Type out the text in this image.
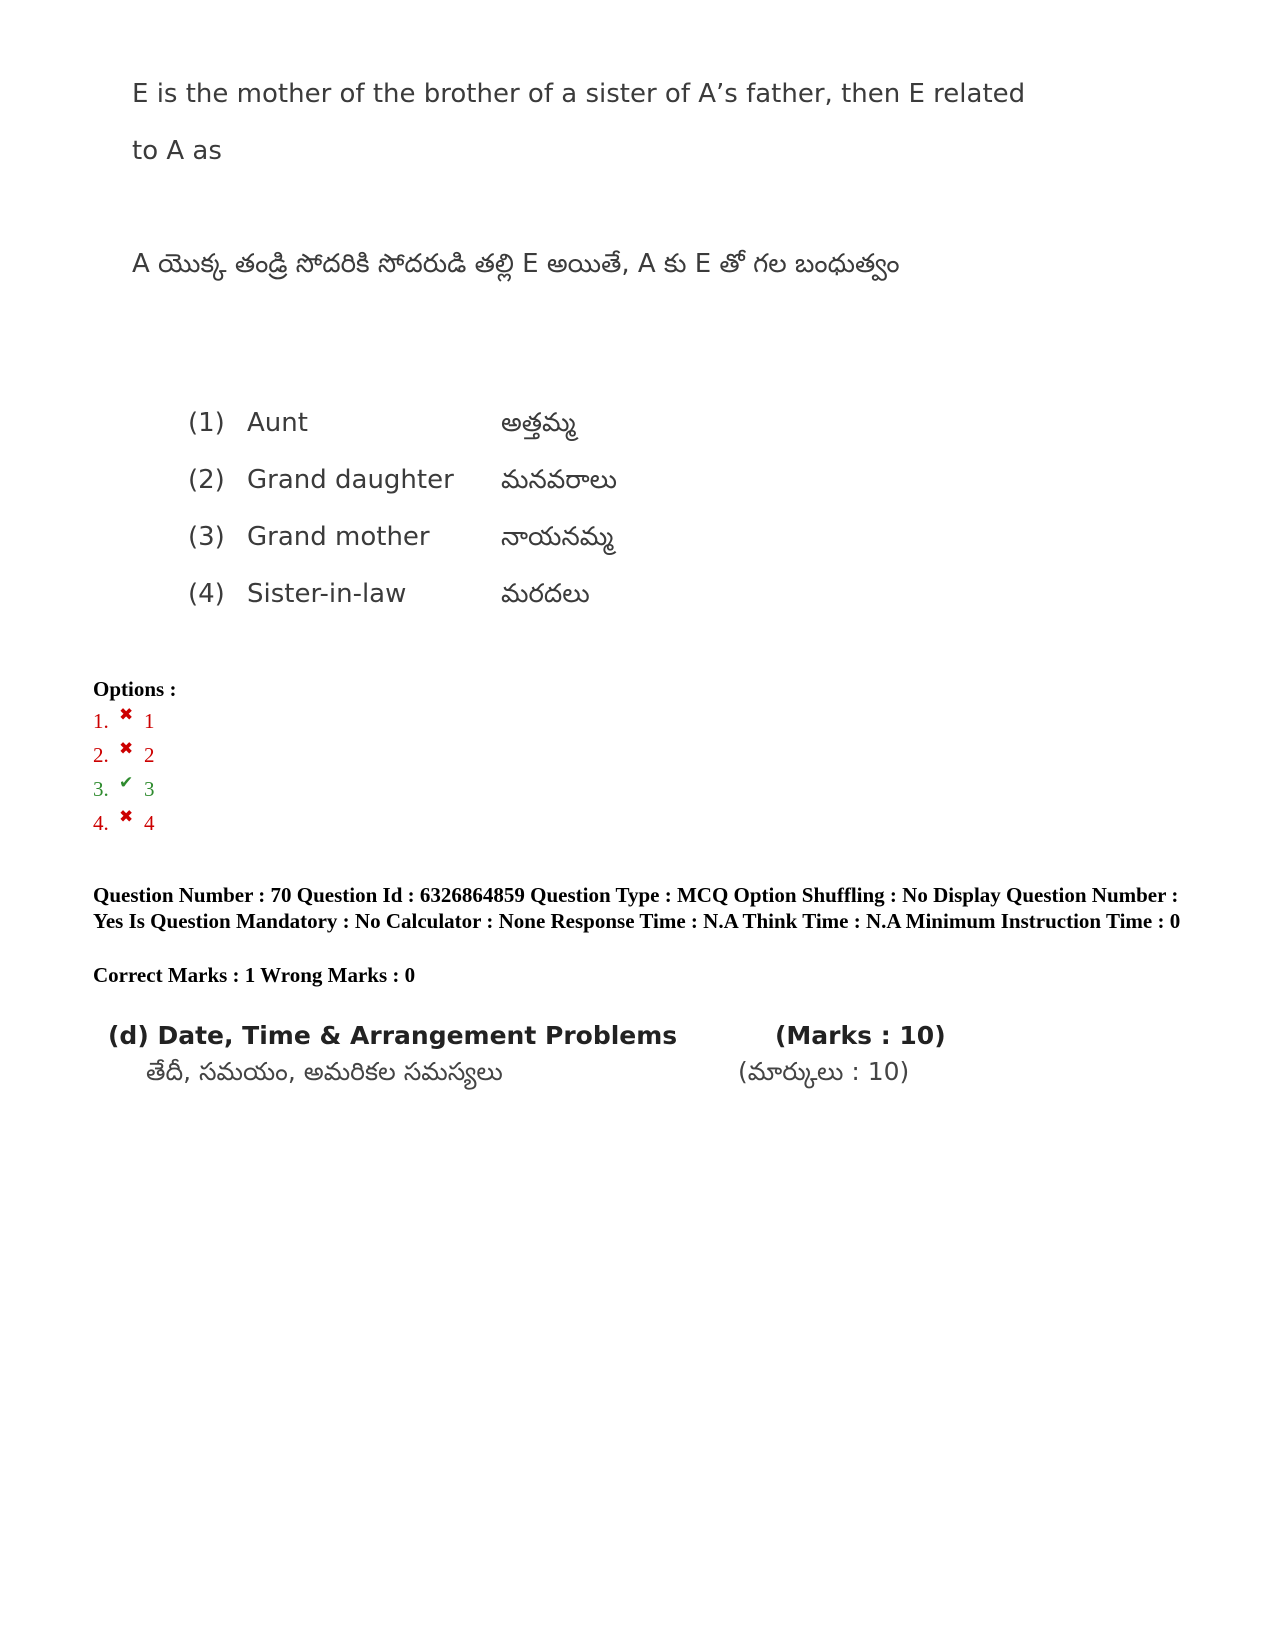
E is the mother of the brother of a sister of A’s father, then E related to A as
A యొక్క తండ్రి సోదరికి సోదరుడి తల్లి E అయితే, A కు E తో గల బంధుత్వం
(1) Aunt	అత్తమ్మ
(2) Grand daughter మనవరాలు
(3) Grand mother	నాయనమ్మ
(4) Sister-in-law	మరదలు
Options :
1. ✖ 1
2. ✖ 2
3. ✔ 3
4. ✖ 4
Question Number : 70 Question Id : 6326864859 Question Type : MCQ Option Shuffling : No Display Question Number : Yes Is Question Mandatory : No Calculator : None Response Time : N.A Think Time : N.A Minimum Instruction Time : 0
Correct Marks : 1 Wrong Marks : 0
(d) Date, Time & Arrangement Problems	(Marks : 10)
తేదీ, సమయం, అమరికల సమస్యలు	(మార్కులు : 10)
